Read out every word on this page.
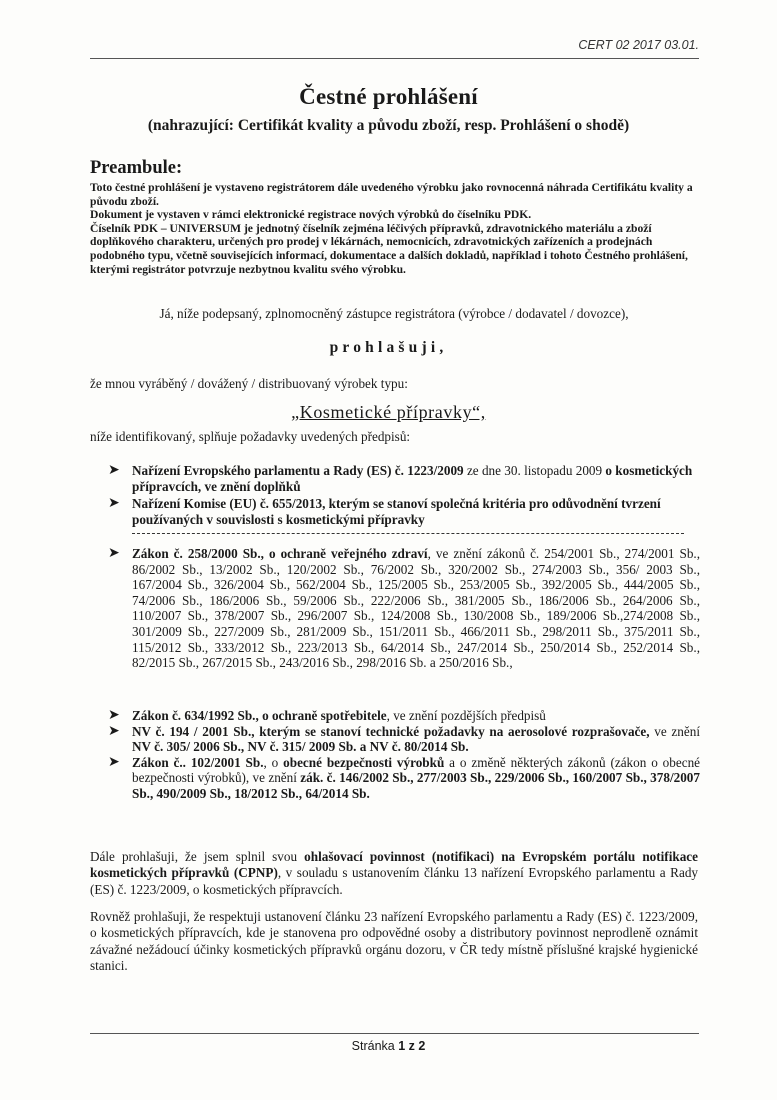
CERT 02 2017 03.01.
Čestné prohlášení
(nahrazující: Certifikát kvality a původu zboží, resp. Prohlášení o shodě)
Preambule:

Toto čestné prohlášení je vystaveno registrátorem dále uvedeného výrobku jako rovnocenná náhrada Certifikátu kvality a původu zboží.

Dokument je vystaven v rámci elektronické registrace nových výrobků do číselníku PDK.

Číselník PDK – UNIVERSUM je jednotný číselník zejména léčivých přípravků, zdravotnického materiálu a zboží doplňkového charakteru, určených pro prodej v lékárnách, nemocnicích, zdravotnických zařízeních a prodejnách podobného typu, včetně souvisejících informací, dokumentace a dalších dokladů, například i tohoto Čestného prohlášení, kterými registrátor potvrzuje nezbytnou kvalitu svého výrobku.

Já, níže podepsaný, zplnomocněný zástupce registrátora (výrobce / dodavatel / dovozce),
prohlašuji,
že mnou vyráběný / dovážený / distribuovaný výrobek typu:
„Kosmetické přípravky“,
níže identifikovaný, splňuje požadavky uvedených předpisů:
➤ Nařízení Evropského parlamentu a Rady (ES) č. 1223/2009 ze dne 30. listopadu 2009 o kosmetických přípravcích, ve znění doplňků
➤ Nařízení Komise (EU) č. 655/2013, kterým se stanoví společná kritéria pro odůvodnění tvrzení používaných v souvislosti s kosmetickými přípravky
➤ Zákon č. 258/2000 Sb., o ochraně veřejného zdraví, ve znění zákonů č. 254/2001 Sb., 274/2001 Sb., 86/2002 Sb., 13/2002 Sb., 120/2002 Sb., 76/2002 Sb., 320/2002 Sb., 274/2003 Sb., 356/ 2003 Sb., 167/2004 Sb., 326/2004 Sb., 562/2004 Sb., 125/2005 Sb., 253/2005 Sb., 392/2005 Sb., 444/2005 Sb., 74/2006 Sb., 186/2006 Sb., 59/2006 Sb., 222/2006 Sb., 381/2005 Sb., 186/2006 Sb., 264/2006 Sb., 110/2007 Sb., 378/2007 Sb., 296/2007 Sb., 124/2008 Sb., 130/2008 Sb., 189/2006 Sb.,274/2008 Sb., 301/2009 Sb., 227/2009 Sb., 281/2009 Sb., 151/2011 Sb., 466/2011 Sb., 298/2011 Sb., 375/2011 Sb., 115/2012 Sb., 333/2012 Sb., 223/2013 Sb., 64/2014 Sb., 247/2014 Sb., 250/2014 Sb., 252/2014 Sb., 82/2015 Sb., 267/2015 Sb., 243/2016 Sb., 298/2016 Sb. a 250/2016 Sb.,
➤ Zákon č. 634/1992 Sb., o ochraně spotřebitele, ve znění pozdějších předpisů
➤ NV č. 194 / 2001 Sb., kterým se stanoví technické požadavky na aerosolové rozprašovače, ve znění NV č. 305/ 2006 Sb., NV č. 315/ 2009 Sb. a NV č. 80/2014 Sb.
➤ Zákon č.. 102/2001 Sb., o obecné bezpečnosti výrobků a o změně některých zákonů (zákon o obecné bezpečnosti výrobků), ve znění zák. č. 146/2002 Sb., 277/2003 Sb., 229/2006 Sb., 160/2007 Sb., 378/2007 Sb., 490/2009 Sb., 18/2012 Sb., 64/2014 Sb.
Dále prohlašuji, že jsem splnil svou ohlašovací povinnost (notifikaci) na Evropském portálu notifikace kosmetických přípravků (CPNP), v souladu s ustanovením článku 13 nařízení Evropského parlamentu a Rady (ES) č. 1223/2009, o kosmetických přípravcích.
Rovněž prohlašuji, že respektuji ustanovení článku 23 nařízení Evropského parlamentu a Rady (ES) č. 1223/2009, o kosmetických přípravcích, kde je stanovena pro odpovědné osoby a distributory povinnost neprodleně oznámit závažné nežádoucí účinky kosmetických přípravků orgánu dozoru, v ČR tedy místně příslušné krajské hygienické stanici.
Stránka 1 z 2
